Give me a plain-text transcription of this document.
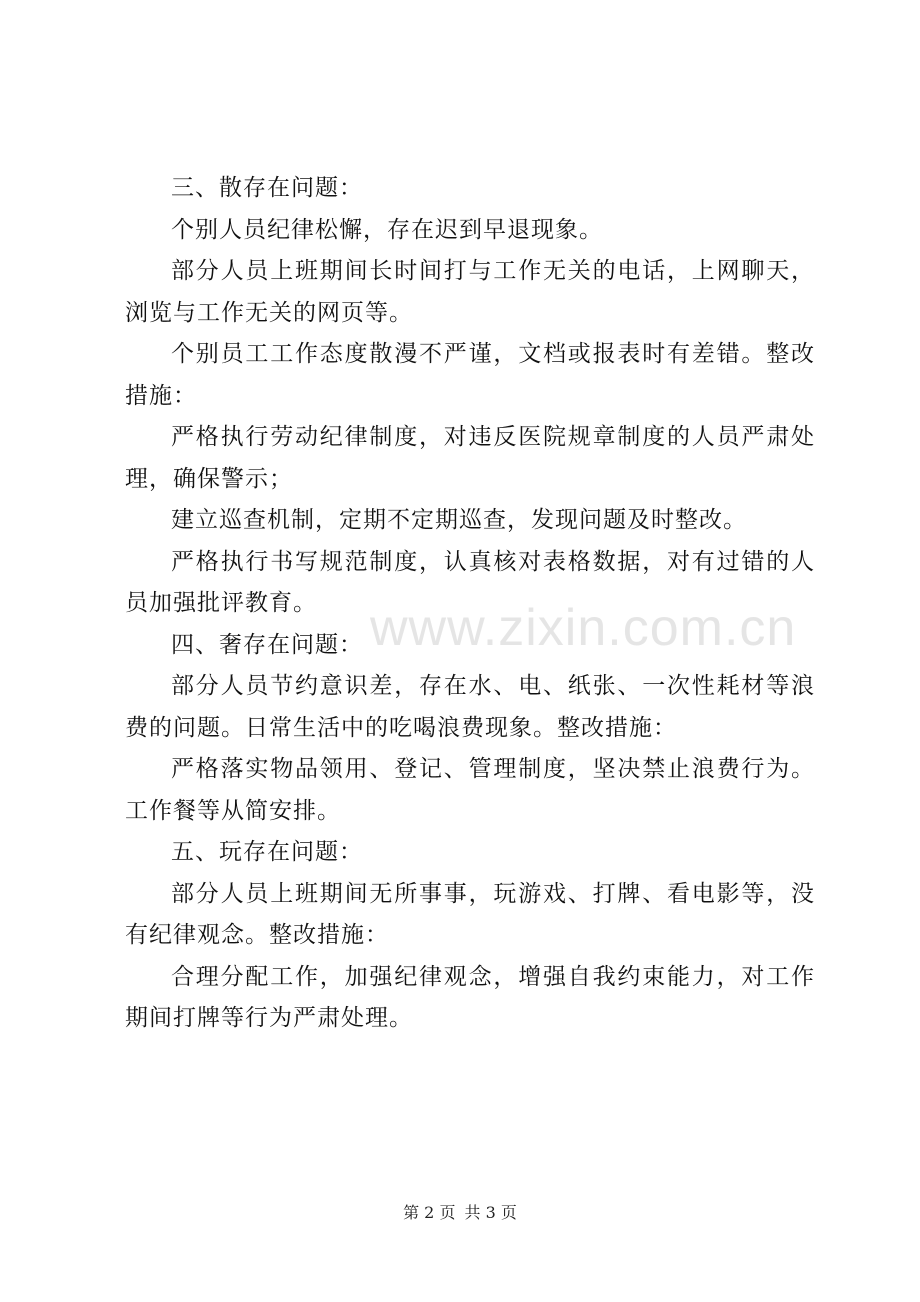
www.zixin.com.cn

三、散存在问题：

个别人员纪律松懈，存在迟到早退现象。

部分人员上班期间长时间打与工作无关的电话，上网聊天，浏览与工作无关的网页等。

个别员工工作态度散漫不严谨，文档或报表时有差错。整改措施：

严格执行劳动纪律制度，对违反医院规章制度的人员严肃处理，确保警示；

建立巡查机制，定期不定期巡查，发现问题及时整改。

严格执行书写规范制度，认真核对表格数据，对有过错的人员加强批评教育。

四、奢存在问题：

部分人员节约意识差，存在水、电、纸张、一次性耗材等浪费的问题。日常生活中的吃喝浪费现象。整改措施：

严格落实物品领用、登记、管理制度，坚决禁止浪费行为。工作餐等从简安排。

五、玩存在问题：

部分人员上班期间无所事事，玩游戏、打牌、看电影等，没有纪律观念。整改措施：

合理分配工作，加强纪律观念，增强自我约束能力，对工作期间打牌等行为严肃处理。

第 2 页 共 3 页
